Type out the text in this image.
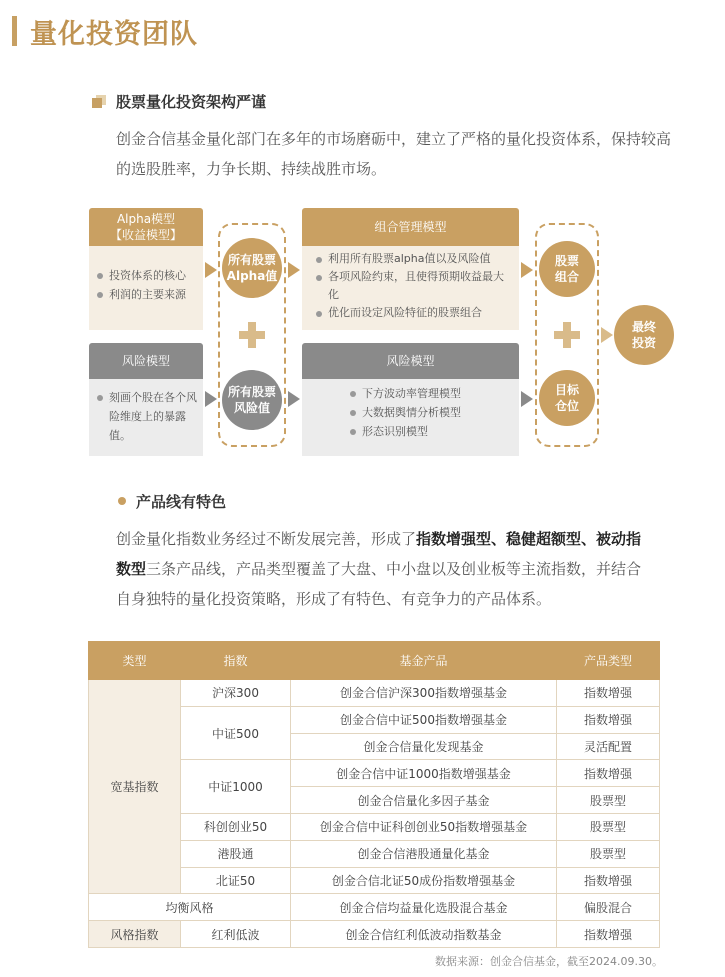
量化投资团队
股票量化投资架构严谨
创金合信基金量化部门在多年的市场磨砺中，建立了严格的量化投资体系，保持较高的选股胜率，力争长期、持续战胜市场。
Alpha模型
【收益模型】
投资体系的核心
利润的主要来源
风险模型
刻画个股在各个风险维度上的暴露值。
所有股票
Alpha值
所有股票
风险值
组合管理模型
利用所有股票alpha值以及风险值
各项风险约束，且使得预期收益最大化
优化而设定风险特征的股票组合
风险模型
下方波动率管理模型
大数据舆情分析模型
形态识别模型
股票
组合
目标
仓位
最终
投资
产品线有特色
创金量化指数业务经过不断发展完善，形成了指数增强型、稳健超额型、被动指数型三条产品线，产品类型覆盖了大盘、中小盘以及创业板等主流指数，并结合自身独特的量化投资策略，形成了有特色、有竞争力的产品体系。
类型	指数	基金产品	产品类型
宽基指数	沪深300	创金合信沪深300指数增强基金	指数增强
	中证500	创金合信中证500指数增强基金	指数增强
		创金合信量化发现基金	灵活配置
	中证1000	创金合信中证1000指数增强基金	指数增强
		创金合信量化多因子基金	股票型
	科创创业50	创金合信中证科创创业50指数增强基金	股票型
	港股通	创金合信港股通量化基金	股票型
	北证50	创金合信北证50成份指数增强基金	指数增强
均衡风格		创金合信均益量化选股混合基金	偏股混合
风格指数	红利低波	创金合信红利低波动指数基金	指数增强
数据来源：创金合信基金，截至2024.09.30。
